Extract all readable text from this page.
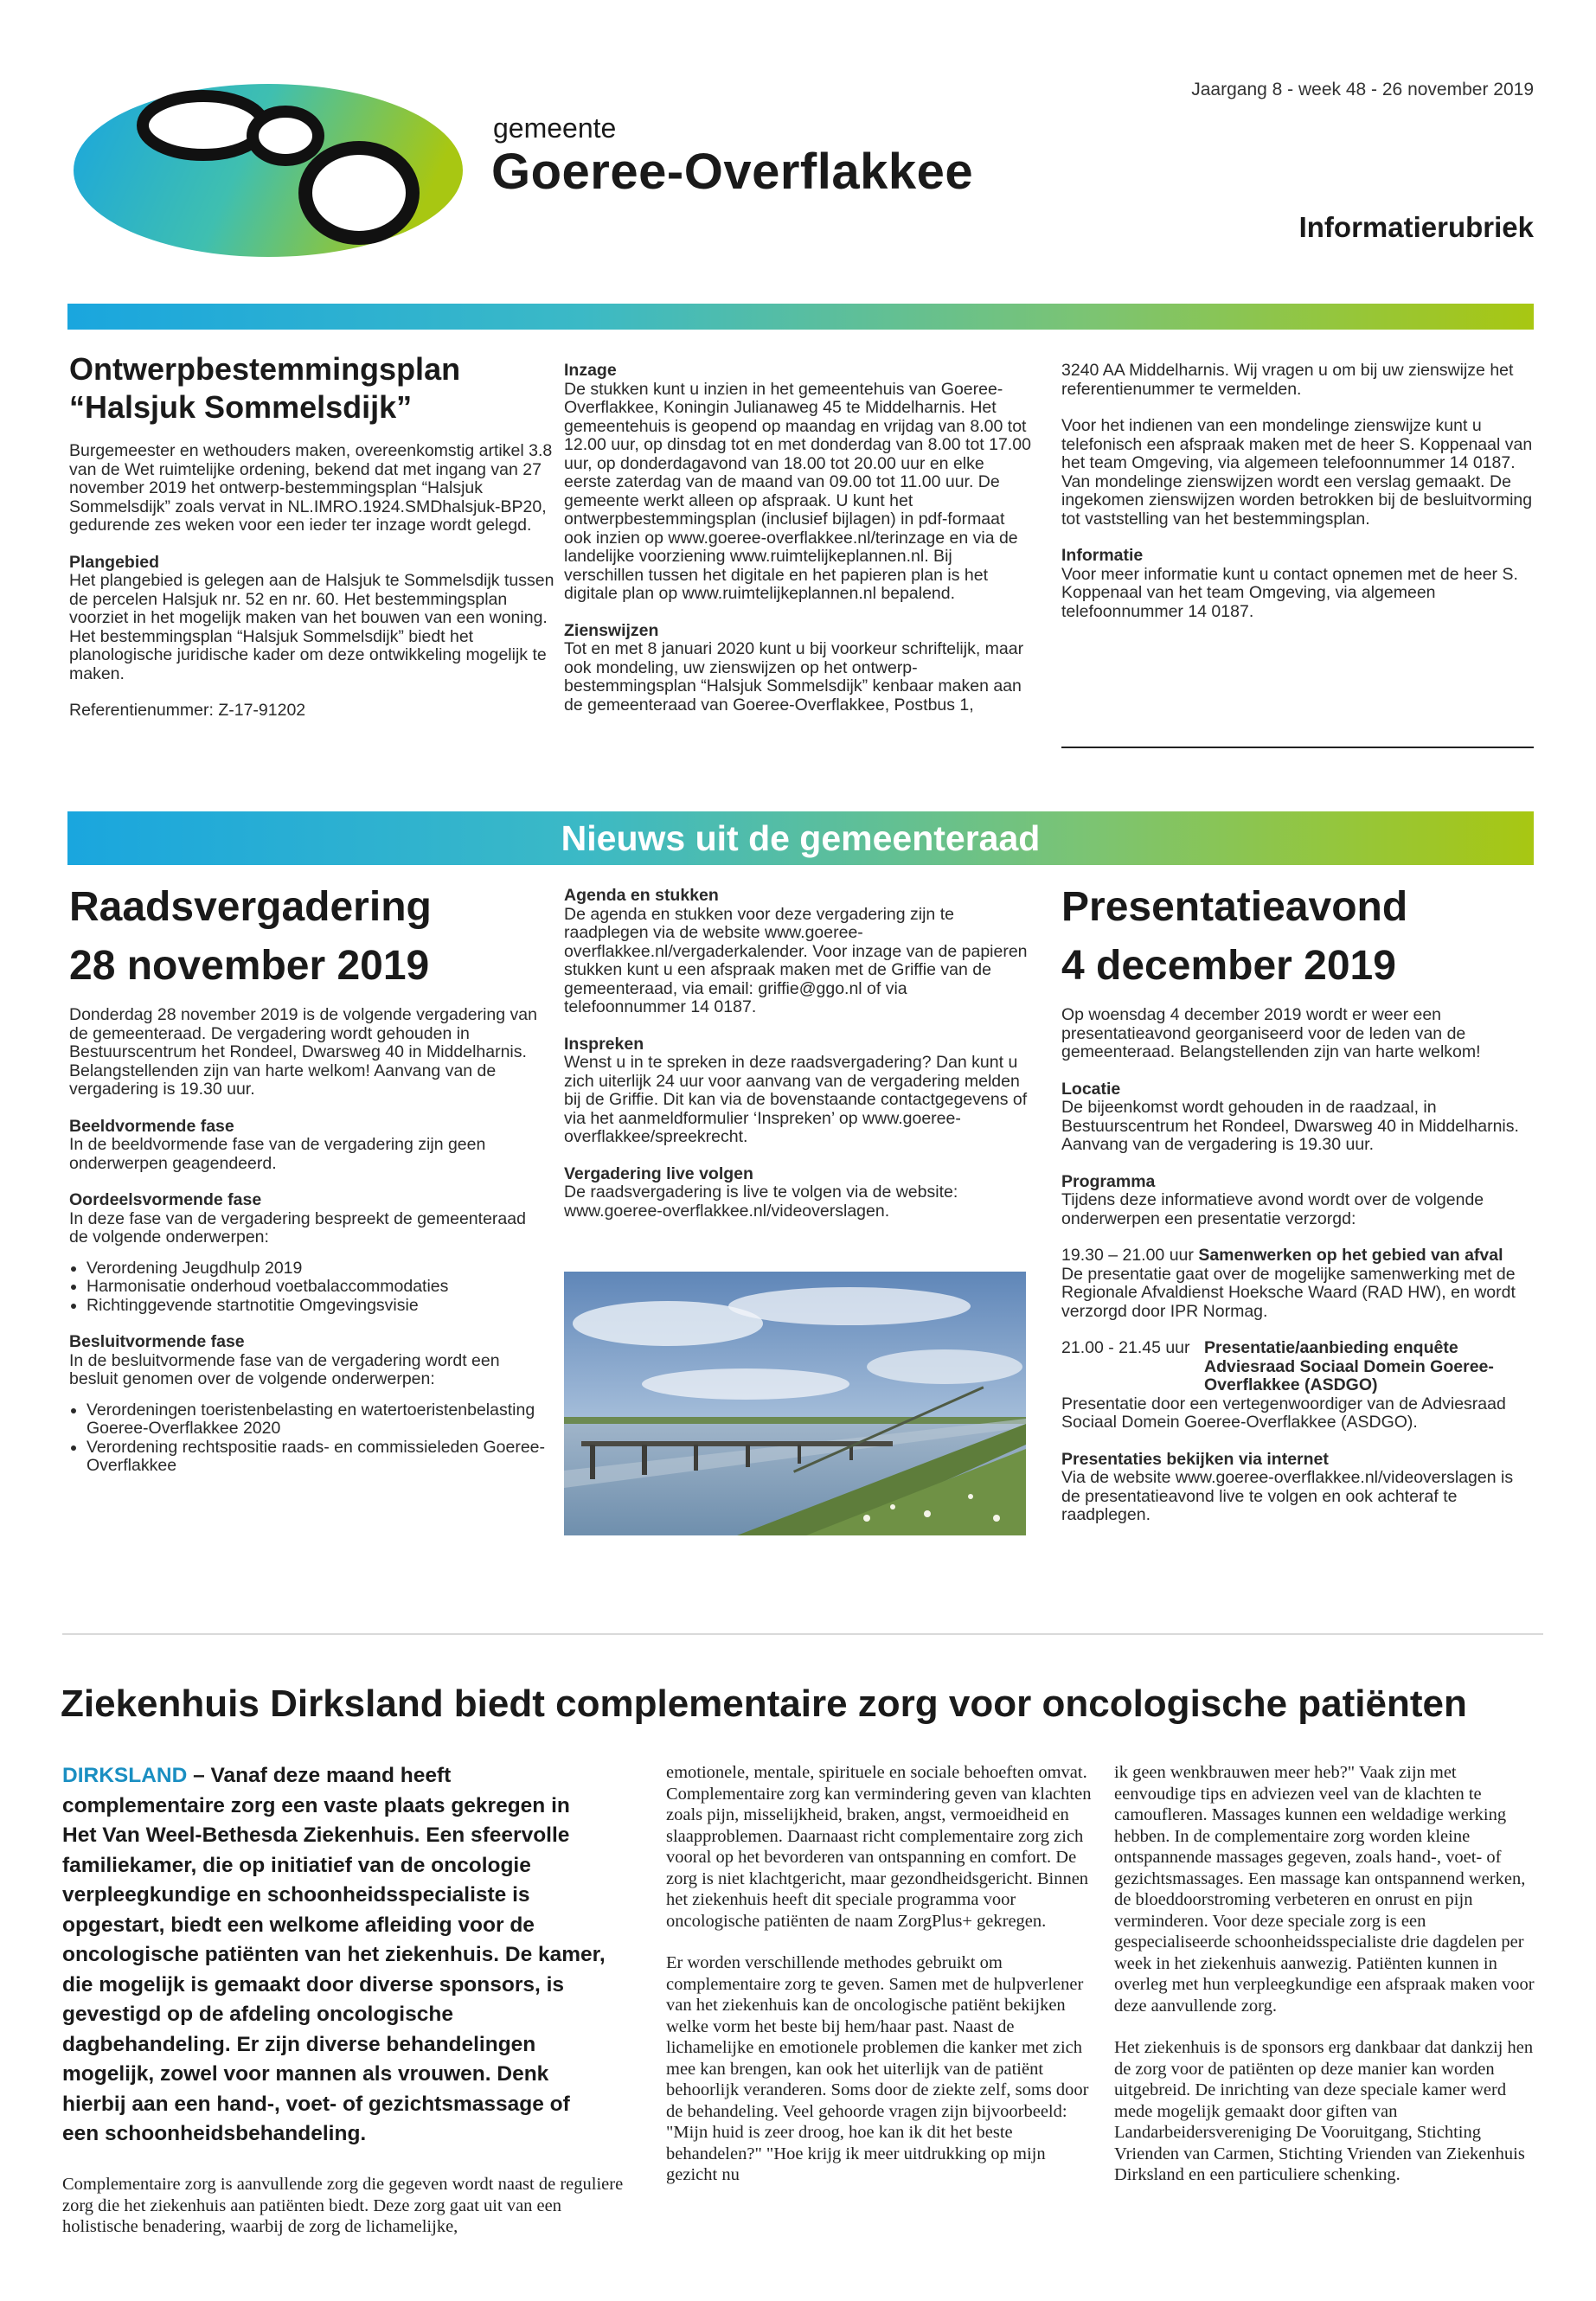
gemeente
Goeree-Overflakkee
Jaargang 8 - week 48 - 26 november 2019
Informatierubriek
Ontwerpbestemmingsplan
“Halsjuk Sommelsdijk”

Burgemeester en wethouders maken, overeenkomstig artikel 3.8 van de Wet ruimtelijke ordening, bekend dat met ingang van 27 november 2019 het ontwerp-bestemmingsplan “Halsjuk Sommelsdijk” zoals vervat in NL.IMRO.1924.SMDhalsjuk-BP20, gedurende zes weken voor een ieder ter inzage wordt gelegd.

Plangebied
Het plangebied is gelegen aan de Halsjuk te Sommelsdijk tussen de percelen Halsjuk nr. 52 en nr. 60. Het bestemmingsplan voorziet in het mogelijk maken van het bouwen van een woning. Het bestemmingsplan “Halsjuk Sommelsdijk” biedt het planologische juridische kader om deze ontwikkeling mogelijk te maken.

Referentienummer: Z-17-91202

Inzage
De stukken kunt u inzien in het gemeentehuis van Goeree-Overflakkee, Koningin Julianaweg 45 te Middelharnis. Het gemeentehuis is geopend op maandag en vrijdag van 8.00 tot 12.00 uur, op dinsdag tot en met donderdag van 8.00 tot 17.00 uur, op donderdagavond van 18.00 tot 20.00 uur en elke eerste zaterdag van de maand van 09.00 tot 11.00 uur. De gemeente werkt alleen op afspraak. U kunt het ontwerpbestemmingsplan (inclusief bijlagen) in pdf-formaat ook inzien op www.goeree-overflakkee.nl/terinzage en via de landelijke voorziening www.ruimtelijkeplannen.nl. Bij verschillen tussen het digitale en het papieren plan is het digitale plan op www.ruimtelijkeplannen.nl bepalend.

Zienswijzen
Tot en met 8 januari 2020 kunt u bij voorkeur schriftelijk, maar ook mondeling, uw zienswijzen op het ontwerp-bestemmingsplan “Halsjuk Sommelsdijk” kenbaar maken aan de gemeenteraad van Goeree-Overflakkee, Postbus 1,

3240 AA Middelharnis. Wij vragen u om bij uw zienswijze het referentienummer te vermelden.

Voor het indienen van een mondelinge zienswijze kunt u telefonisch een afspraak maken met de heer S. Koppenaal van het team Omgeving, via algemeen telefoonnummer 14 0187. Van mondelinge zienswijzen wordt een verslag gemaakt. De ingekomen zienswijzen worden betrokken bij de besluitvorming tot vaststelling van het bestemmingsplan.

Informatie
Voor meer informatie kunt u contact opnemen met de heer S. Koppenaal van het team Omgeving, via algemeen telefoonnummer 14 0187.

Nieuws uit de gemeenteraad
Raadsvergadering
28 november 2019

Donderdag 28 november 2019 is de volgende vergadering van de gemeenteraad. De vergadering wordt gehouden in Bestuurscentrum het Rondeel, Dwarsweg 40 in Middelharnis. Belangstellenden zijn van harte welkom! Aanvang van de vergadering is 19.30 uur.

Beeldvormende fase
In de beeldvormende fase van de vergadering zijn geen onderwerpen geagendeerd.

Oordeelsvormende fase
In deze fase van de vergadering bespreekt de gemeenteraad de volgende onderwerpen:

• Verordening Jeugdhulp 2019
• Harmonisatie onderhoud voetbalaccommodaties
• Richtinggevende startnotitie Omgevingsvisie

Besluitvormende fase
In de besluitvormende fase van de vergadering wordt een besluit genomen over de volgende onderwerpen:

• Verordeningen toeristenbelasting en watertoeristenbelasting Goeree-Overflakkee 2020
• Verordening rechtspositie raads- en commissieleden Goeree-Overflakkee

Agenda en stukken
De agenda en stukken voor deze vergadering zijn te raadplegen via de website www.goeree-overflakkee.nl/vergaderkalender. Voor inzage van de papieren stukken kunt u een afspraak maken met de Griffie van de gemeenteraad, via email: griffie@ggo.nl of via telefoonnummer 14 0187.

Inspreken
Wenst u in te spreken in deze raadsvergadering? Dan kunt u zich uiterlijk 24 uur voor aanvang van de vergadering melden bij de Griffie. Dit kan via de bovenstaande contactgegevens of via het aanmeldformulier ‘Inspreken’ op www.goeree-overflakkee/spreekrecht.

Vergadering live volgen
De raadsvergadering is live te volgen via de website: www.goeree-overflakkee.nl/videoverslagen.

Presentatieavond
4 december 2019

Op woensdag 4 december 2019 wordt er weer een presentatieavond georganiseerd voor de leden van de gemeenteraad. Belangstellenden zijn van harte welkom!

Locatie
De bijeenkomst wordt gehouden in de raadzaal, in Bestuurscentrum het Rondeel, Dwarsweg 40 in Middelharnis. Aanvang van de vergadering is 19.30 uur.

Programma
Tijdens deze informatieve avond wordt over de volgende onderwerpen een presentatie verzorgd:

19.30 – 21.00 uur Samenwerken op het gebied van afval
De presentatie gaat over de mogelijke samenwerking met de Regionale Afvaldienst Hoeksche Waard (RAD HW), en wordt verzorgd door IPR Normag.

21.00 - 21.45 uur Presentatie/aanbieding enquête Adviesraad Sociaal Domein Goeree-Overflakkee (ASDGO)
Presentatie door een vertegenwoordiger van de Adviesraad Sociaal Domein Goeree-Overflakkee (ASDGO).

Presentaties bekijken via internet
Via de website www.goeree-overflakkee.nl/videoverslagen is de presentatieavond live te volgen en ook achteraf te raadplegen.

Ziekenhuis Dirksland biedt complementaire zorg voor oncologische patiënten
DIRKSLAND – Vanaf deze maand heeft complementaire zorg een vaste plaats gekregen in Het Van Weel-Bethesda Ziekenhuis. Een sfeervolle familiekamer, die op initiatief van de oncologie verpleegkundige en schoonheidsspecialiste is opgestart, biedt een welkome afleiding voor de oncologische patiënten van het ziekenhuis. De kamer, die mogelijk is gemaakt door diverse sponsors, is gevestigd op de afdeling oncologische dagbehandeling. Er zijn diverse behandelingen mogelijk, zowel voor mannen als vrouwen. Denk hierbij aan een hand-, voet- of gezichtsmassage of een schoonheidsbehandeling.

Complementaire zorg is aanvullende zorg die gegeven wordt naast de reguliere zorg die het ziekenhuis aan patiënten biedt. Deze zorg gaat uit van een holistische benadering, waarbij de zorg de lichamelijke,

emotionele, mentale, spirituele en sociale behoeften omvat. Complementaire zorg kan vermindering geven van klachten zoals pijn, misselijkheid, braken, angst, vermoeidheid en slaapproblemen. Daarnaast richt complementaire zorg zich vooral op het bevorderen van ontspanning en comfort. De zorg is niet klachtgericht, maar gezondheidsgericht. Binnen het ziekenhuis heeft dit speciale programma voor oncologische patiënten de naam ZorgPlus+ gekregen.

Er worden verschillende methodes gebruikt om complementaire zorg te geven. Samen met de hulpverlener van het ziekenhuis kan de oncologische patiënt bekijken welke vorm het beste bij hem/haar past. Naast de lichamelijke en emotionele problemen die kanker met zich mee kan brengen, kan ook het uiterlijk van de patiënt behoorlijk veranderen. Soms door de ziekte zelf, soms door de behandeling. Veel gehoorde vragen zijn bijvoorbeeld: "Mijn huid is zeer droog, hoe kan ik dit het beste behandelen?" "Hoe krijg ik meer uitdrukking op mijn gezicht nu

ik geen wenkbrauwen meer heb?" Vaak zijn met eenvoudige tips en adviezen veel van de klachten te camoufleren. Massages kunnen een weldadige werking hebben. In de complementaire zorg worden kleine ontspannende massages gegeven, zoals hand-, voet- of gezichtsmassages. Een massage kan ontspannend werken, de bloeddoorstroming verbeteren en onrust en pijn verminderen. Voor deze speciale zorg is een gespecialiseerde schoonheidsspecialiste drie dagdelen per week in het ziekenhuis aanwezig. Patiënten kunnen in overleg met hun verpleegkundige een afspraak maken voor deze aanvullende zorg.

Het ziekenhuis is de sponsors erg dankbaar dat dankzij hen de zorg voor de patiënten op deze manier kan worden uitgebreid. De inrichting van deze speciale kamer werd mede mogelijk gemaakt door giften van Landarbeidersvereniging De Vooruitgang, Stichting Vrienden van Carmen, Stichting Vrienden van Ziekenhuis Dirksland en een particuliere schenking.
